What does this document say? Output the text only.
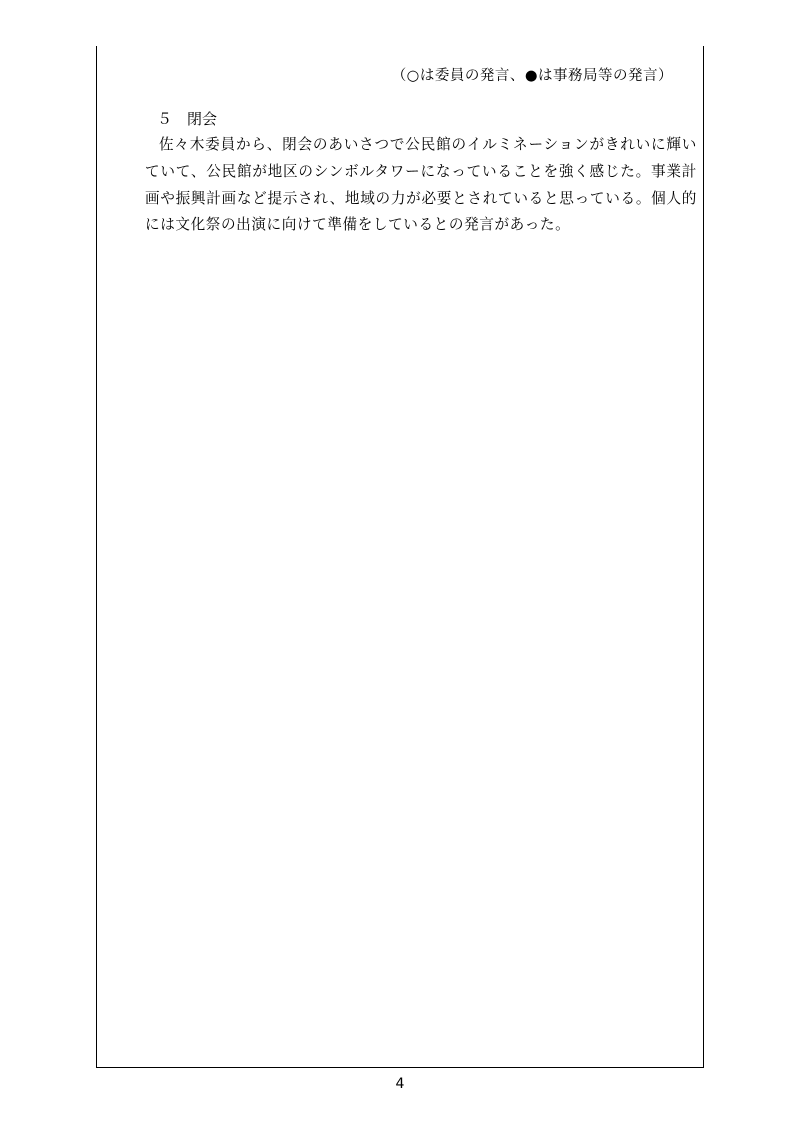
（○は委員の発言、●は事務局等の発言）
５ 閉会

佐々木委員から、閉会のあいさつで公民館のイルミネーションがきれいに輝いていて、公民館が地区のシンボルタワーになっていることを強く感じた。事業計画や振興計画など提示され、地域の力が必要とされていると思っている。個人的には文化祭の出演に向けて準備をしているとの発言があった。

4
